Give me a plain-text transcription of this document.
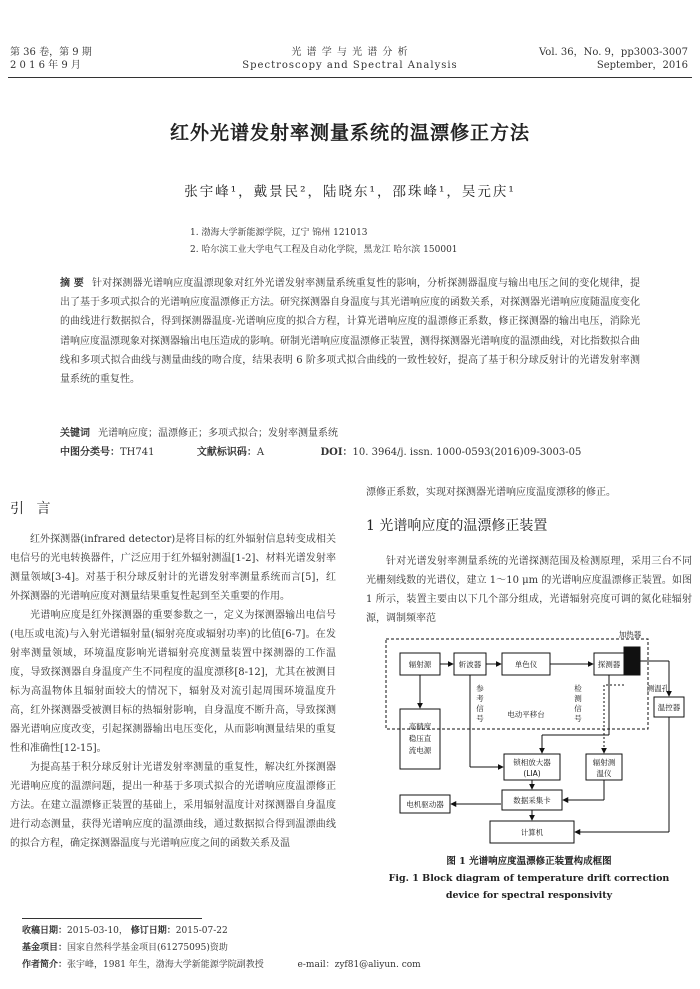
第 36 卷，第 9 期
2 0 1 6 年 9 月
光 谱 学 与 光 谱 分 析
Spectroscopy and Spectral Analysis
Vol. 36，No. 9，pp3003-3007
September，2016
红外光谱发射率测量系统的温漂修正方法
张宇峰¹，戴景民²，陆晓东¹，邵珠峰¹，吴元庆¹
1. 渤海大学新能源学院，辽宁 锦州 121013
2. 哈尔滨工业大学电气工程及自动化学院，黑龙江 哈尔滨 150001
摘 要 针对探测器光谱响应度温漂现象对红外光谱发射率测量系统重复性的影响，分析探测器温度与输出电压之间的变化规律，提出了基于多项式拟合的光谱响应度温漂修正方法。研究探测器自身温度与其光谱响应度的函数关系，对探测器光谱响应度随温度变化的曲线进行数据拟合，得到探测器温度-光谱响应度的拟合方程，计算光谱响应度的温漂修正系数，修正探测器的输出电压，消除光谱响应度温漂现象对探测器输出电压造成的影响。研制光谱响应度温漂修正装置，测得探测器光谱响度的温漂曲线，对比指数拟合曲线和多项式拟合曲线与测量曲线的吻合度，结果表明 6 阶多项式拟合曲线的一致性较好，提高了基于积分球反射计的光谱发射率测量系统的重复性。
关键词 光谱响应度；温漂修正；多项式拟合；发射率测量系统
中图分类号：TH741	文献标识码：A	DOI：10. 3964/j. issn. 1000-0593(2016)09-3003-05
引 言

红外探测器(infrared detector)是将目标的红外辐射信息转变成相关电信号的光电转换器件，广泛应用于红外辐射测温[1-2]、材料光谱发射率测量领域[3-4]。对基于积分球反射计的光谱发射率测量系统而言[5]，红外探测器的光谱响应度对测量结果重复性起到至关重要的作用。

光谱响应度是红外探测器的重要参数之一，定义为探测器输出电信号(电压或电流)与入射光谱辐射量(辐射亮度或辐射功率)的比值[6-7]。在发射率测量领域，环境温度影响光谱辐射亮度测量装置中探测器的工作温度，导致探测器自身温度产生不同程度的温度漂移[8-12]，尤其在被测目标为高温物体且辐射面较大的情况下，辐射及对流引起周围环境温度升高，红外探测器受被测目标的热辐射影响，自身温度不断升高，导致探测器光谱响应度改变，引起探测器输出电压变化，从而影响测量结果的重复性和准确性[12-15]。

为提高基于积分球反射计光谱发射率测量的重复性，解决红外探测器光谱响应度的温漂问题，提出一种基于多项式拟合的光谱响应度温漂修正方法。在建立温漂修正装置的基础上，采用辐射温度计对探测器自身温度进行动态测量，获得光谱响应度的温漂曲线，通过数据拟合得到温漂曲线的拟合方程，确定探测器温度与光谱响应度之间的函数关系及温

漂修正系数，实现对探测器光谱响应度温度漂移的修正。
1 光谱响应度的温漂修正装置

针对光谱发射率测量系统的光谱探测范围及检测原理，采用三台不同光栅刻线数的光谱仪，建立 1～10 μm 的光谱响应度温漂修正装置。如图 1 所示，装置主要由以下几个部分组成，光谱辐射亮度可调的氮化硅辐射源，调制频率范

加热器
辐射源	斩波器	单色仪	探测器
测温孔
温控器
高精度
稳压直
流电源
参
考
信
号	电动平移台
检
测
信
号
锁相放大器
(LIA)
辐射测
温仪
电机驱动器	数据采集卡
计算机
图 1 光谱响应度温漂修正装置构成框图
Fig. 1 Block diagram of temperature drift correction
device for spectral responsivity
收稿日期：2015-03-10， 修订日期：2015-07-22
基金项目：国家自然科学基金项目(61275095)资助
作者简介：张宇峰，1981 年生，渤海大学新能源学院副教授	e-mail：zyf81@aliyun. com
